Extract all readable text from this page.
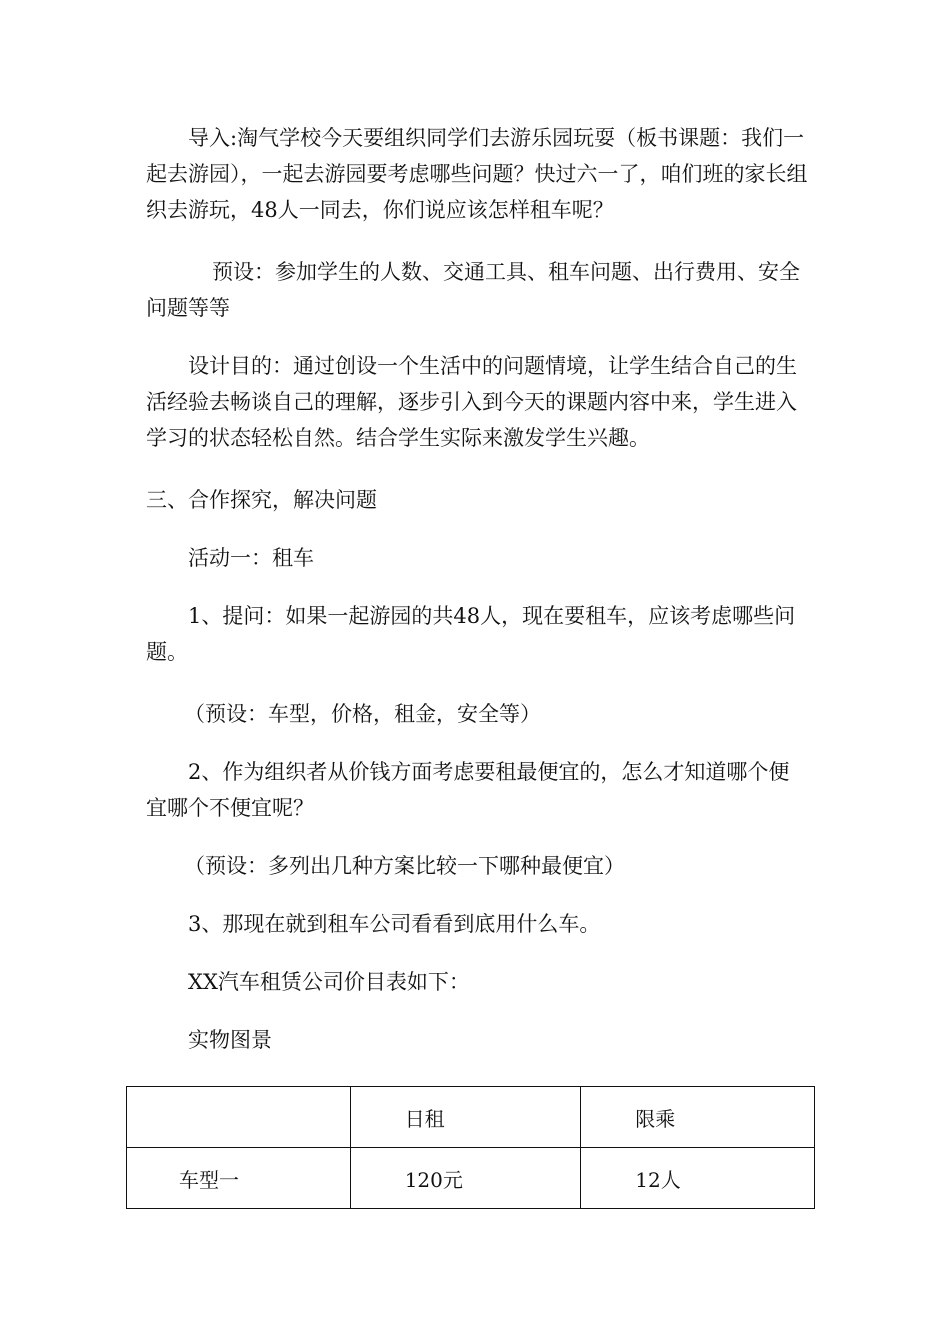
导入:淘气学校今天要组织同学们去游乐园玩耍（板书课题：我们一起去游园），一起去游园要考虑哪些问题？快过六一了，咱们班的家长组织去游玩，48人一同去，你们说应该怎样租车呢？

预设：参加学生的人数、交通工具、租车问题、出行费用、安全问题等等

设计目的：通过创设一个生活中的问题情境，让学生结合自己的生活经验去畅谈自己的理解，逐步引入到今天的课题内容中来，学生进入学习的状态轻松自然。结合学生实际来激发学生兴趣。

三、合作探究，解决问题

活动一：租车

1、提问：如果一起游园的共48人，现在要租车，应该考虑哪些问题。

（预设：车型，价格，租金，安全等）

2、作为组织者从价钱方面考虑要租最便宜的，怎么才知道哪个便宜哪个不便宜呢？

（预设：多列出几种方案比较一下哪种最便宜）

3、那现在就到租车公司看看到底用什么车。

XX汽车租赁公司价目表如下：

实物图景

	日租	限乘
车型一	120元	12人
